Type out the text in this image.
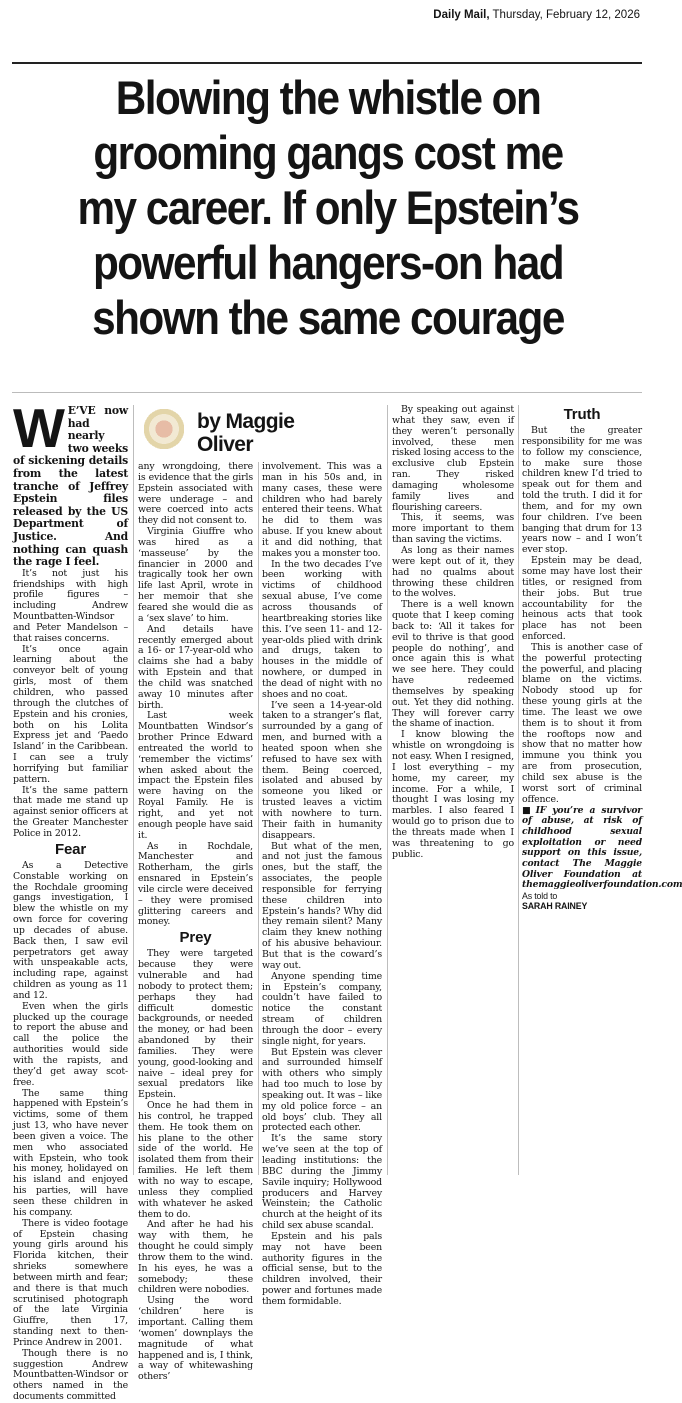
Daily Mail, Thursday, February 12, 2026
Blowing the whistle on
grooming gangs cost me
my career. If only Epstein’s
powerful hangers-on had
shown the same courage
by Maggie
Oliver

W E’VE now had nearly two weeks of sickening details from the latest tranche of Jeffrey Epstein files released by the US Department of Justice. And nothing can quash the rage I feel.

It’s not just his friendships with high profile figures – including Andrew Mountbatten-Windsor and Peter Mandelson – that raises concerns.

It’s once again learning about the conveyor belt of young girls, most of them children, who passed through the clutches of Epstein and his cronies, both on his Lolita Express jet and ‘Paedo Island’ in the Caribbean. I can see a truly horrifying but familiar pattern.

It’s the same pattern that made me stand up against senior officers at the Greater Manchester Police in 2012.

Fear

As a Detective Constable working on the Rochdale grooming gangs investigation, I blew the whistle on my own force for covering up decades of abuse. Back then, I saw evil perpetrators get away with unspeakable acts, including rape, against children as young as 11 and 12.

Even when the girls plucked up the courage to report the abuse and call the police the authorities would side with the rapists, and they’d get away scot-free.

The same thing happened with Epstein’s victims, some of them just 13, who have never been given a voice. The men who associated with Epstein, who took his money, holidayed on his island and enjoyed his parties, will have seen these children in his company.

There is video footage of Epstein chasing young girls around his Florida kitchen, their shrieks somewhere between mirth and fear; and there is that much scrutinised photograph of the late Virginia Giuffre, then 17, standing next to then-Prince Andrew in 2001.

Though there is no suggestion Andrew Mountbatten-Windsor or others named in the documents committed

any wrongdoing, there is evidence that the girls Epstein associated with were underage – and were coerced into acts they did not consent to.

Virginia Giuffre who was hired as a ‘masseuse’ by the financier in 2000 and tragically took her own life last April, wrote in her memoir that she feared she would die as a ‘sex slave’ to him.

And details have recently emerged about a 16- or 17-year-old who claims she had a baby with Epstein and that the child was snatched away 10 minutes after birth.

Last week Mountbatten Windsor’s brother Prince Edward entreated the world to ‘remember the victims’ when asked about the impact the Epstein files were having on the Royal Family. He is right, and yet not enough people have said it.

As in Rochdale, Manchester and Rotherham, the girls ensnared in Epstein’s vile circle were deceived – they were promised glittering careers and money.

Prey

They were targeted because they were vulnerable and had nobody to protect them; perhaps they had difficult domestic backgrounds, or needed the money, or had been abandoned by their families. They were young, good-looking and naive – ideal prey for sexual predators like Epstein.

Once he had them in his control, he trapped them. He took them on his plane to the other side of the world. He isolated them from their families. He left them with no way to escape, unless they complied with whatever he asked them to do.

And after he had his way with them, he thought he could simply throw them to the wind. In his eyes, he was a somebody; these children were nobodies.

Using the word ‘children’ here is important. Calling them ‘women’ downplays the magnitude of what happened and is, I think, a way of whitewashing others’

involvement. This was a man in his 50s and, in many cases, these were children who had barely entered their teens. What he did to them was abuse. If you knew about it and did nothing, that makes you a monster too.

In the two decades I’ve been working with victims of childhood sexual abuse, I’ve come across thousands of heartbreaking stories like this. I’ve seen 11- and 12-year-olds plied with drink and drugs, taken to houses in the middle of nowhere, or dumped in the dead of night with no shoes and no coat.

I’ve seen a 14-year-old taken to a stranger’s flat, surrounded by a gang of men, and burned with a heated spoon when she refused to have sex with them. Being coerced, isolated and abused by someone you liked or trusted leaves a victim with nowhere to turn. Their faith in humanity disappears.

But what of the men, and not just the famous ones, but the staff, the associates, the people responsible for ferrying these children into Epstein’s hands? Why did they remain silent? Many claim they knew nothing of his abusive behaviour. But that is the coward’s way out.

Anyone spending time in Epstein’s company, couldn’t have failed to notice the constant stream of children through the door – every single night, for years.

But Epstein was clever and surrounded himself with others who simply had too much to lose by speaking out. It was – like my old police force – an old boys’ club. They all protected each other.

It’s the same story we’ve seen at the top of leading institutions: the BBC during the Jimmy Savile inquiry; Hollywood producers and Harvey Weinstein; the Catholic church at the height of its child sex abuse scandal.

Epstein and his pals may not have been authority figures in the official sense, but to the children involved, their power and fortunes made them formidable.

By speaking out against what they saw, even if they weren’t personally involved, these men risked losing access to the exclusive club Epstein ran. They risked damaging wholesome family lives and flourishing careers.

This, it seems, was more important to them than saving the victims.

As long as their names were kept out of it, they had no qualms about throwing these children to the wolves.

There is a well known quote that I keep coming back to: ‘All it takes for evil to thrive is that good people do nothing’, and once again this is what we see here. They could have redeemed themselves by speaking out. Yet they did nothing. They will forever carry the shame of inaction.

I know blowing the whistle on wrongdoing is not easy. When I resigned, I lost everything – my home, my career, my income. For a while, I thought I was losing my marbles. I also feared I would go to prison due to the threats made when I was threatening to go public.

Truth

But the greater responsibility for me was to follow my conscience, to make sure those children knew I’d tried to speak out for them and told the truth. I did it for them, and for my own four children. I’ve been banging that drum for 13 years now – and I won’t ever stop.

Epstein may be dead, some may have lost their titles, or resigned from their jobs. But true accountability for the heinous acts that took place has not been enforced.

This is another case of the powerful protecting the powerful, and placing blame on the victims. Nobody stood up for these young girls at the time. The least we owe them is to shout it from the rooftops now and show that no matter how immune you think you are from prosecution, child sex abuse is the worst sort of criminal offence.

■ IF you’re a survivor of abuse, at risk of childhood sexual exploitation or need support on this issue, contact The Maggie Oliver Foundation at themaggieoliverfoundation.com

As told to
SARAH RAINEY
